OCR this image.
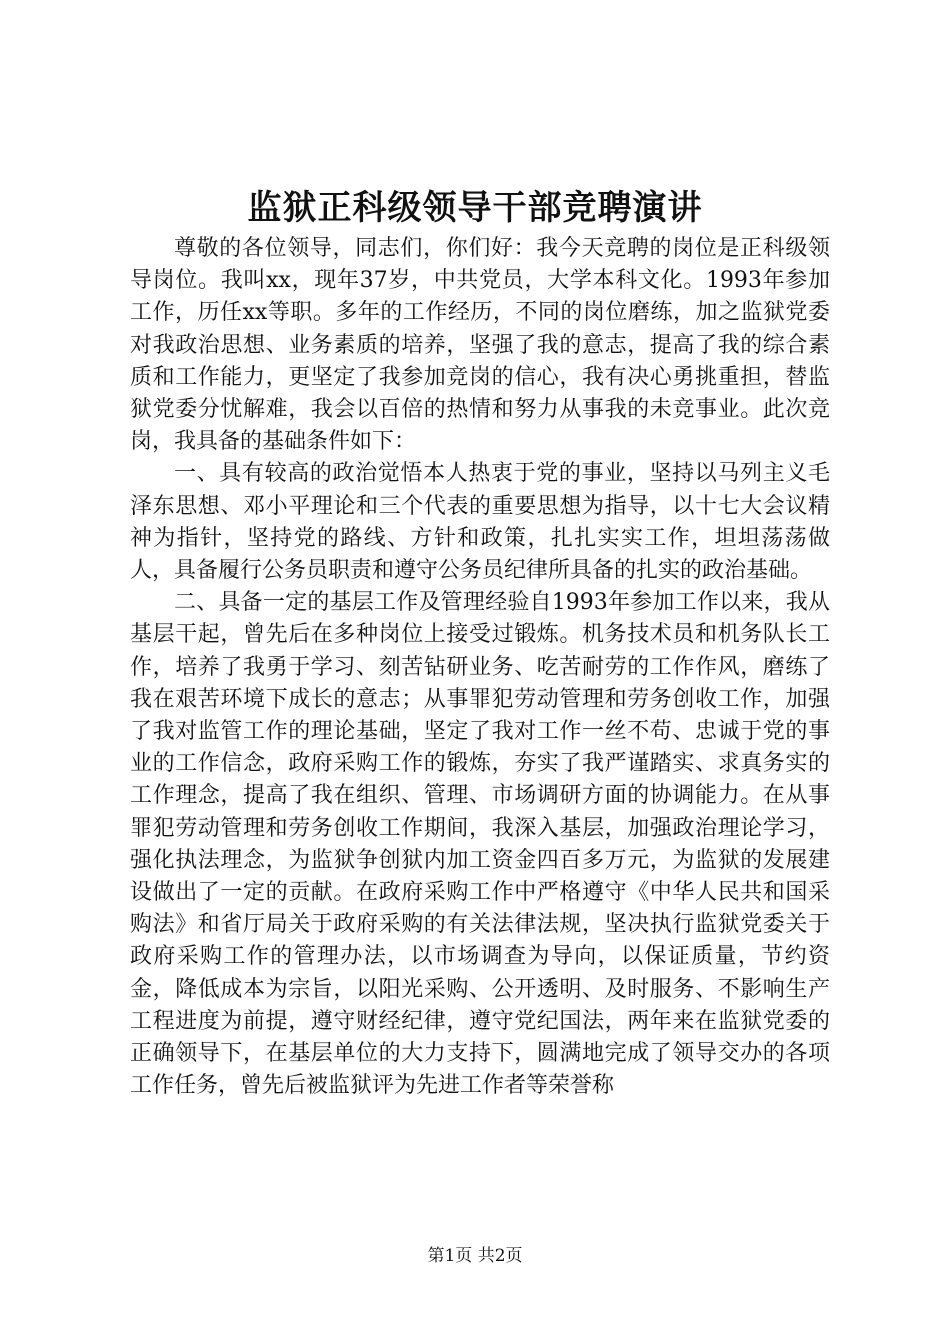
监狱正科级领导干部竞聘演讲

尊敬的各位领导，同志们，你们好：我今天竞聘的岗位是正科级领导岗位。我叫xx，现年37岁，中共党员，大学本科文化。1993年参加工作，历任xx等职。多年的工作经历，不同的岗位磨练，加之监狱党委对我政治思想、业务素质的培养，坚强了我的意志，提高了我的综合素质和工作能力，更坚定了我参加竞岗的信心，我有决心勇挑重担，替监狱党委分忧解难，我会以百倍的热情和努力从事我的未竞事业。此次竞岗，我具备的基础条件如下：

一、具有较高的政治觉悟本人热衷于党的事业，坚持以马列主义毛泽东思想、邓小平理论和三个代表的重要思想为指导，以十七大会议精神为指针，坚持党的路线、方针和政策，扎扎实实工作，坦坦荡荡做人，具备履行公务员职责和遵守公务员纪律所具备的扎实的政治基础。

二、具备一定的基层工作及管理经验自1993年参加工作以来，我从基层干起，曾先后在多种岗位上接受过锻炼。机务技术员和机务队长工作，培养了我勇于学习、刻苦钻研业务、吃苦耐劳的工作作风，磨练了我在艰苦环境下成长的意志；从事罪犯劳动管理和劳务创收工作，加强了我对监管工作的理论基础，坚定了我对工作一丝不苟、忠诚于党的事业的工作信念，政府采购工作的锻炼，夯实了我严谨踏实、求真务实的工作理念，提高了我在组织、管理、市场调研方面的协调能力。在从事罪犯劳动管理和劳务创收工作期间，我深入基层，加强政治理论学习，强化执法理念，为监狱争创狱内加工资金四百多万元，为监狱的发展建设做出了一定的贡献。在政府采购工作中严格遵守《中华人民共和国采购法》和省厅局关于政府采购的有关法律法规，坚决执行监狱党委关于政府采购工作的管理办法，以市场调查为导向，以保证质量，节约资金，降低成本为宗旨，以阳光采购、公开透明、及时服务、不影响生产工程进度为前提，遵守财经纪律，遵守党纪国法，两年来在监狱党委的正确领导下，在基层单位的大力支持下，圆满地完成了领导交办的各项工作任务，曾先后被监狱评为先进工作者等荣誉称

第1页 共2页
